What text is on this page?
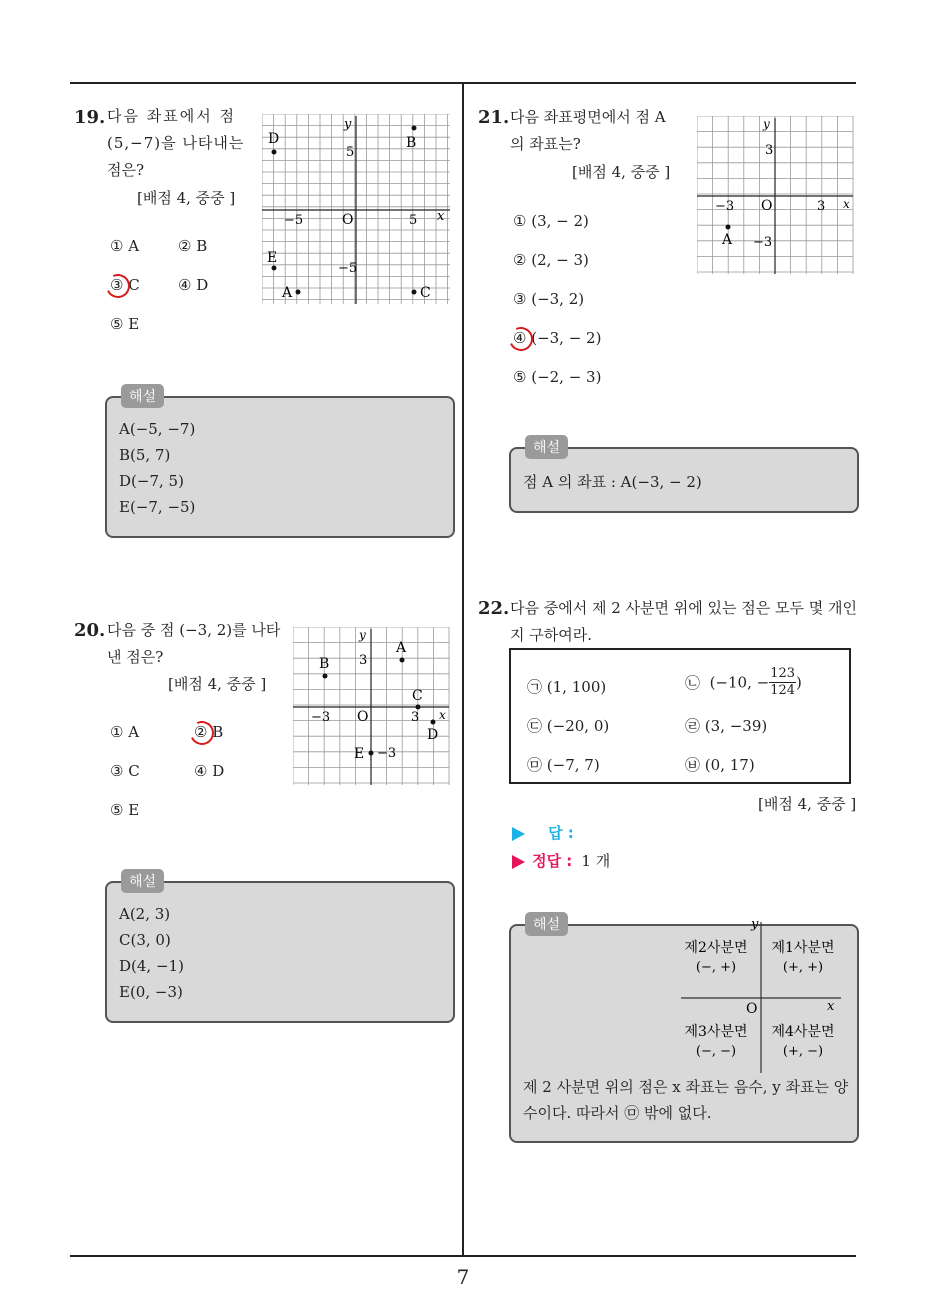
7
19. 다음 좌표에서 점
(5,−7)을 나타내는
점은?
[배점 4, 중중 ]
y
x
O
−5	5
5
−5
D	B
E
A	C
① A	② B
③ C	④ D
⑤ E
해설
A(−5, −7)
B(5, 7)
D(−7, 5)
E(−7, −5)
20. 다음 중 점 (−3, 2)를 나타
낸 점은?
[배점 4, 중중 ]
y
x
O
−3	3
3
−3
A
B
C
D
E
① A	② B
③ C	④ D
⑤ E
해설
A(2, 3)
C(3, 0)
D(4, −1)
E(0, −3)
21. 다음 좌표평면에서 점 A
의 좌표는?
[배점 4, 중중 ]
y
x
O
−3	3
3
−3
A
① (3, − 2)
② (2, − 3)
③ (−3, 2)
④ (−3, − 2)
⑤ (−2, − 3)
해설
점 A 의 좌표 : A(−3, − 2)
22. 다음 중에서 제 2 사분면 위에 있는 점은 모두 몇 개인
지 구하여라.
㉠ (1, 100)	㉡ (−10, − $\frac{123}{124}$ )
㉢ (−20, 0)	㉣ (3, −39)
㉤ (−7, 7)	㉥ (0, 17)
[배점 4, 중중 ]
답 :
정답 : 1 개
해설	y
x
O
제2사분면
(−, +)
제1사분면
(+, +)
제3사분면
(−, −)
제4사분면
(+, −)
제 2 사분면 위의 점은 x 좌표는 음수, y 좌표는 양
수이다. 따라서 ㉤ 밖에 없다.
